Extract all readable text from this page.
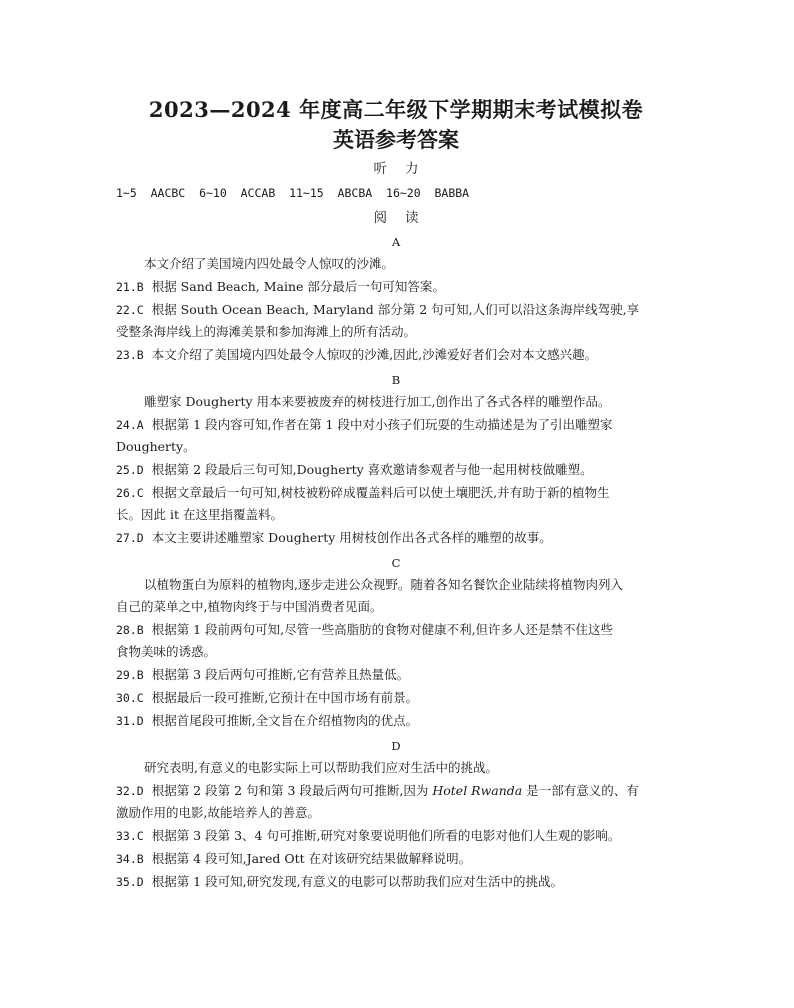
2023—2024 年度高二年级下学期期末考试模拟卷
英语参考答案
听力
1~5  AACBC  6~10  ACCAB  11~15  ABCBA  16~20  BABBA
阅读
A

本文介绍了美国境内四处最令人惊叹的沙滩。

21.B 根据 Sand Beach, Maine 部分最后一句可知答案。

22.C 根据 South Ocean Beach, Maryland 部分第 2 句可知,人们可以沿这条海岸线驾驶,享
受整条海岸线上的海滩美景和参加海滩上的所有活动。

23.B 本文介绍了美国境内四处最令人惊叹的沙滩,因此,沙滩爱好者们会对本文感兴趣。

B

雕塑家 Dougherty 用本来要被废弃的树枝进行加工,创作出了各式各样的雕塑作品。

24.A 根据第 1 段内容可知,作者在第 1 段中对小孩子们玩耍的生动描述是为了引出雕塑家
Dougherty。

25.D 根据第 2 段最后三句可知,Dougherty 喜欢邀请参观者与他一起用树枝做雕塑。

26.C 根据文章最后一句可知,树枝被粉碎成覆盖料后可以使土壤肥沃,并有助于新的植物生
长。因此 it 在这里指覆盖料。

27.D 本文主要讲述雕塑家 Dougherty 用树枝创作出各式各样的雕塑的故事。

C

以植物蛋白为原料的植物肉,逐步走进公众视野。随着各知名餐饮企业陆续将植物肉列入

自己的菜单之中,植物肉终于与中国消费者见面。

28.B 根据第 1 段前两句可知,尽管一些高脂肪的食物对健康不利,但许多人还是禁不住这些
食物美味的诱惑。

29.B 根据第 3 段后两句可推断,它有营养且热量低。

30.C 根据最后一段可推断,它预计在中国市场有前景。

31.D 根据首尾段可推断,全文旨在介绍植物肉的优点。

D

研究表明,有意义的电影实际上可以帮助我们应对生活中的挑战。

32.D 根据第 2 段第 2 句和第 3 段最后两句可推断,因为 Hotel Rwanda 是一部有意义的、有
激励作用的电影,故能培养人的善意。

33.C 根据第 3 段第 3、4 句可推断,研究对象要说明他们所看的电影对他们人生观的影响。

34.B 根据第 4 段可知,Jared Ott 在对该研究结果做解释说明。

35.D 根据第 1 段可知,研究发现,有意义的电影可以帮助我们应对生活中的挑战。
